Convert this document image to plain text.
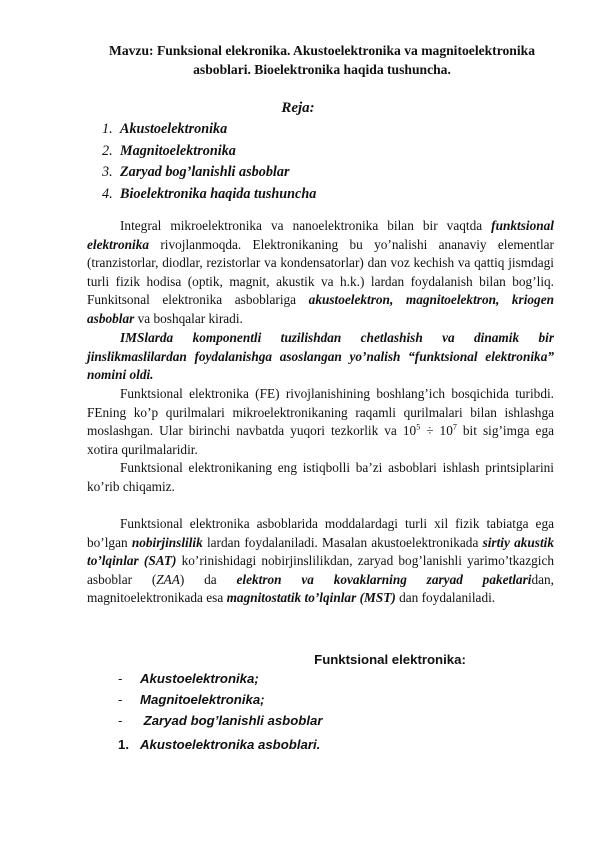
Mavzu: Funksional elekronika. Akustoelektronika va magnitoelektronika asboblari. Bioelektronika haqida tushuncha.
Reja:
1. Akustoelektronika
2. Magnitoelektronika
3. Zaryad bog’lanishli asboblar
4. Bioelektronika haqida tushuncha

Integral mikroelektronika va nanoelektronika bilan bir vaqtda funktsional elektronika rivojlanmoqda. Elektronikaning bu yo’nalishi an​anaviy elementlar (tranzistorlar, diodlar, rezistorlar va kondensatorlar) dan voz kechish va qattiq jismdagi turli fizik hodisa (optik, magnit, akustik va h.k.) lardan foydalanish bilan bog’liq. Funkitsonal elektronika asboblariga akustoelektron, magnitoelektron, kriogen asboblar va boshqalar kiradi.

IMSlarda komponentli tuzilishdan chetlashish va dinamik bir jinslikmaslilardan foydalanishga asoslangan yo’nalish “funktsional elektronika” nomini oldi.

Funktsional elektronika (FE) rivojlanishining boshlang’ich bosqichida turibdi. FEning ko’p qurilmalari mikroelektronikaning raqamli qurilmalari bilan ishlashga moslashgan. Ular birinchi navbatda yuqori tezkorlik va $10^5 \div 10^7$ bit sig’imga ega xotira qurilmalaridir.

Funktsional elektronikaning eng istiqbolli ba’zi asboblari ishlash printsiplarini ko’rib chiqamiz.

Funktsional elektronika asboblarida moddalardagi turli xil fizik tabiatga ega bo’lgan nobirjinslilik lardan foydalaniladi. Masalan akustoelektronikada sirtiy akustik to’lqinlar (SAT) ko’rinishidagi nobirjinslilikdan, zaryad bog’lanishli yarimo’tkazgich asboblar (ZAA) da elektron va kovaklarning zaryad paketlaridan, magnitoelektronikada esa magnitostatik to’lqinlar (MST) dan foydalaniladi.

Funktsional elektronika:
- Akustoelektronika;
- Magnitoelektronika;
- Zaryad bog’lanishli asboblar
1. Akustoelektronika asboblari.
